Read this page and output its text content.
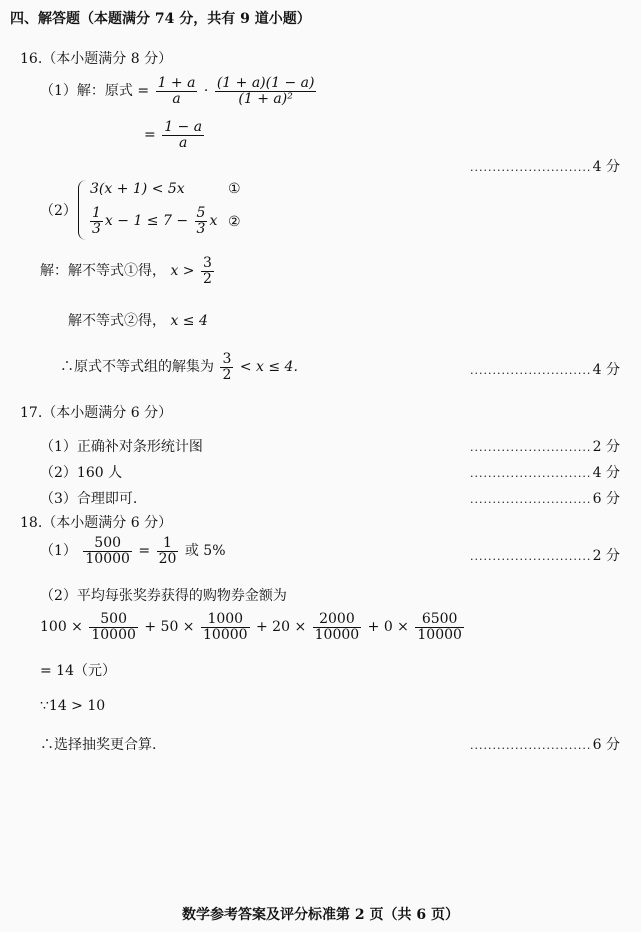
四、解答题（本题满分 74 分，共有 9 道小题）
16.（本小题满分 8 分）
（1）解：原式 = $\frac{1 + a}{a} \cdot \frac{(1 + a)(1 - a)}{\text{(1 + a)²}}$
= $\frac{1 - a}{a}$
.....
4 分
（2）
3(x + 1) < 5x	①
$\frac{1}{3}$ $x - 1 \le 7 - \frac{5}{3}$ x ②
解：解不等式①得， $x > \frac{3}{2}$
解不等式②得， x ≤ 4
∴原式不等式组的解集为 $\frac{3}{2} < x \le 4$. .....	4 分
17.（本小题满分 6 分）
（1）正确补对条形统计图 .....	2 分
（2）160 人 .....	4 分
（3）合理即可. .....	6 分
18.（本小题满分 6 分）
$(1) \frac{500}{10000} = \frac{1}{20}$ 或 5% .....	2 分
（2）平均每张奖券获得的购物券金额为
$100 \times \frac{500}{10000} + 50 \times \frac{1000}{10000} + 20 \times \frac{2000}{10000} + 0 \times \frac{6500}{10000}$
= 14（元）
∵14 > 10
∴选择抽奖更合算. .....	6 分
数学参考答案及评分标准第 2 页（共 6 页）
